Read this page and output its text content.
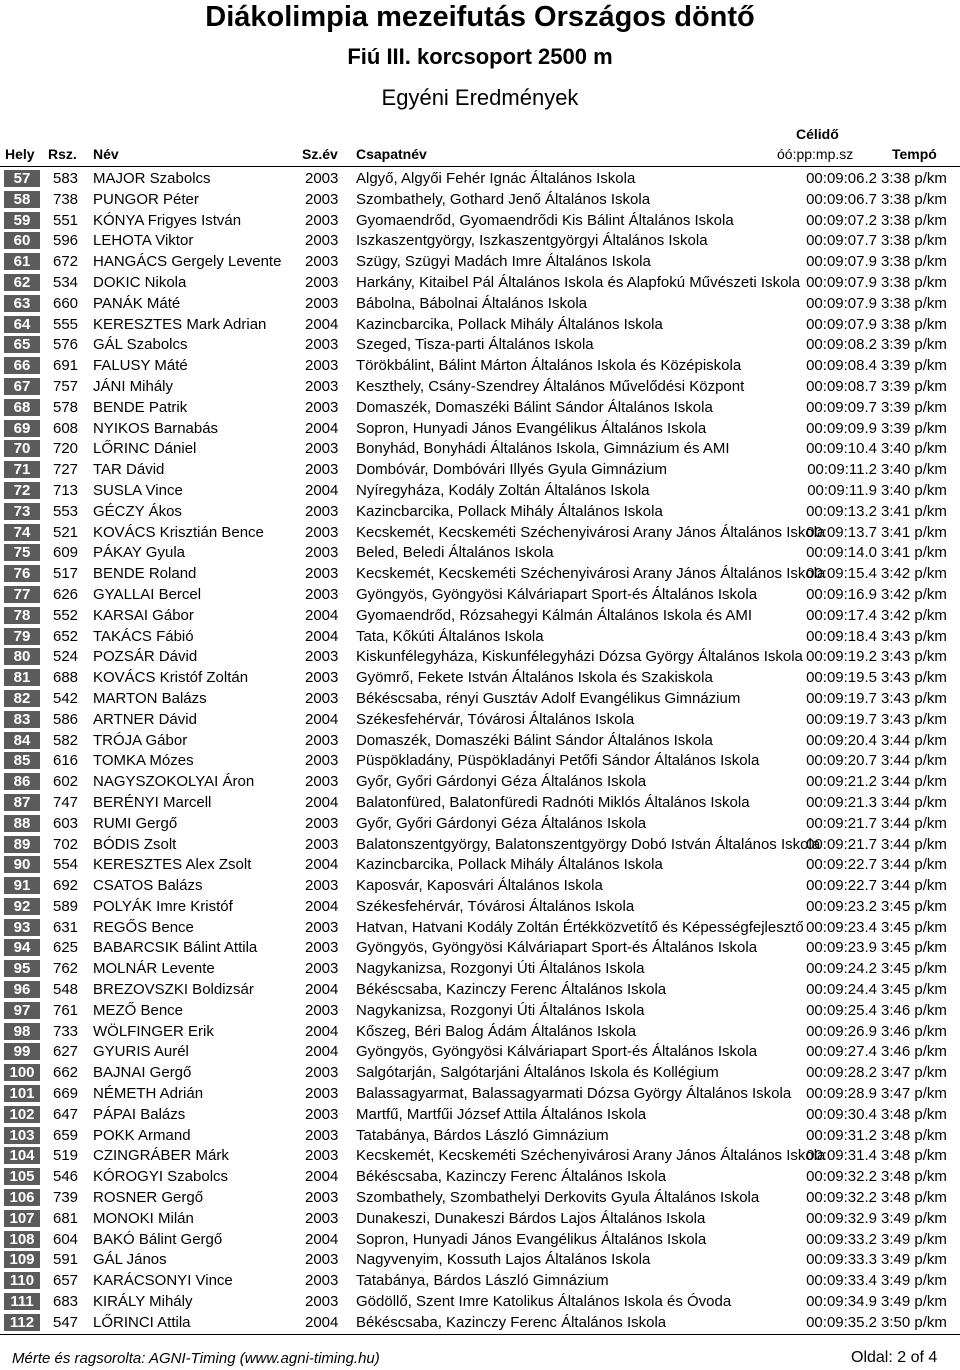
Diákolimpia mezeifutás Országos döntő
Fiú III. korcsoport 2500 m
Egyéni Eredmények
Hely Rsz. Név	Sz.év Csapatnév
Célidő
óó:pp:mp.sz	Tempó
57	583 MAJOR Szabolcs	2003	Algyő, Algyői Fehér Ignác Általános Iskola	00:09:06.2 3:38 p/km
58	738 PUNGOR Péter	2003	Szombathely, Gothard Jenő Általános Iskola	00:09:06.7 3:38 p/km
59	551 KÓNYA Frigyes István	2003	Gyomaendrőd, Gyomaendrődi Kis Bálint Általános Iskola	00:09:07.2 3:38 p/km
60	596 LEHOTA Viktor	2003	Iszkaszentgyörgy, Iszkaszentgyörgyi Általános Iskola	00:09:07.7 3:38 p/km
61	672 HANGÁCS Gergely Levente	2003	Szügy, Szügyi Madách Imre Általános Iskola	00:09:07.9 3:38 p/km
62	534 DOKIC Nikola	2003	Harkány, Kitaibel Pál Általános Iskola és Alapfokú Művészeti Iskola 00:09:07.9 3:38 p/km
63	660 PANÁK Máté	2003	Bábolna, Bábolnai Általános Iskola	00:09:07.9 3:38 p/km
64	555 KERESZTES Mark Adrian	2004	Kazincbarcika, Pollack Mihály Általános Iskola	00:09:07.9 3:38 p/km
65	576 GÁL Szabolcs	2003	Szeged, Tisza-parti Általános Iskola	00:09:08.2 3:39 p/km
66	691 FALUSY Máté	2003	Törökbálint, Bálint Márton Általános Iskola és Középiskola	00:09:08.4 3:39 p/km
67	757 JÁNI Mihály	2003	Keszthely, Csány-Szendrey Általános Művelődési Központ	00:09:08.7 3:39 p/km
68	578 BENDE Patrik	2003	Domaszék, Domaszéki Bálint Sándor Általános Iskola	00:09:09.7 3:39 p/km
69	608 NYIKOS Barnabás	2004	Sopron, Hunyadi János Evangélikus Általános Iskola	00:09:09.9 3:39 p/km
70	720 LŐRINC Dániel	2003	Bonyhád, Bonyhádi Általános Iskola, Gimnázium és AMI	00:09:10.4 3:40 p/km
71	727 TAR Dávid	2003	Dombóvár, Dombóvári Illyés Gyula Gimnázium	00:09:11.2 3:40 p/km
72	713 SUSLA Vince	2004	Nyíregyháza, Kodály Zoltán Általános Iskola	00:09:11.9 3:40 p/km
73	553 GÉCZY Ákos	2003	Kazincbarcika, Pollack Mihály Általános Iskola	00:09:13.2 3:41 p/km
74	521 KOVÁCS Krisztián Bence	2003	Kecskemét, Kecskeméti Széchenyivárosi Arany János Általános Iskola
00:09:13.7 3:41 p/km
75	609 PÁKAY Gyula	2003	Beled, Beledi Általános Iskola	00:09:14.0 3:41 p/km
76	517 BENDE Roland	2003	Kecskemét, Kecskeméti Széchenyivárosi Arany János Általános Iskola
00:09:15.4 3:42 p/km
77	626 GYALLAI Bercel	2003	Gyöngyös, Gyöngyösi Kálváriapart Sport-és Általános Iskola	00:09:16.9 3:42 p/km
78	552 KARSAI Gábor	2004	Gyomaendrőd, Rózsahegyi Kálmán Általános Iskola és AMI	00:09:17.4 3:42 p/km
79	652 TAKÁCS Fábió	2004	Tata, Kőkúti Általános Iskola	00:09:18.4 3:43 p/km
80	524 POZSÁR Dávid	2003	Kiskunfélegyháza, Kiskunfélegyházi Dózsa György Általános Iskola 00:09:19.2 3:43 p/km
81	688 KOVÁCS Kristóf Zoltán	2003	Gyömrő, Fekete István Általános Iskola és Szakiskola	00:09:19.5 3:43 p/km
82	542 MARTON Balázs	2003	Békéscsaba, rényi Gusztáv Adolf Evangélikus Gimnázium	00:09:19.7 3:43 p/km
83	586 ARTNER Dávid	2004	Székesfehérvár, Tóvárosi Általános Iskola	00:09:19.7 3:43 p/km
84	582 TRÓJA Gábor	2003	Domaszék, Domaszéki Bálint Sándor Általános Iskola	00:09:20.4 3:44 p/km
85	616 TOMKA Mózes	2003	Püspökladány, Püspökladányi Petőfi Sándor Általános Iskola	00:09:20.7 3:44 p/km
86	602 NAGYSZOKOLYAI Áron	2003	Győr, Győri Gárdonyi Géza Általános Iskola	00:09:21.2 3:44 p/km
87	747 BERÉNYI Marcell	2004	Balatonfüred, Balatonfüredi Radnóti Miklós Általános Iskola	00:09:21.3 3:44 p/km
88	603 RUMI Gergő	2003	Győr, Győri Gárdonyi Géza Általános Iskola	00:09:21.7 3:44 p/km
89	702 BÓDIS Zsolt	2003	Balatonszentgyörgy, Balatonszentgyörgy Dobó István Általános Iskola
00:09:21.7 3:44 p/km
90	554 KERESZTES Alex Zsolt	2004	Kazincbarcika, Pollack Mihály Általános Iskola	00:09:22.7 3:44 p/km
91	692 CSATOS Balázs	2003	Kaposvár, Kaposvári Általános Iskola	00:09:22.7 3:44 p/km
92	589 POLYÁK Imre Kristóf	2004	Székesfehérvár, Tóvárosi Általános Iskola	00:09:23.2 3:45 p/km
93	631 REGŐS Bence	2003	Hatvan, Hatvani Kodály Zoltán Értékközvetítő és Képességfejlesztő 00:09:23.4 3:45 p/km
94	625 BABARCSIK Bálint Attila	2003	Gyöngyös, Gyöngyösi Kálváriapart Sport-és Általános Iskola	00:09:23.9 3:45 p/km
95	762 MOLNÁR Levente	2003	Nagykanizsa, Rozgonyi Úti Általános Iskola	00:09:24.2 3:45 p/km
96	548 BREZOVSZKI Boldizsár	2004	Békéscsaba, Kazinczy Ferenc Általános Iskola	00:09:24.4 3:45 p/km
97	761 MEZŐ Bence	2003	Nagykanizsa, Rozgonyi Úti Általános Iskola	00:09:25.4 3:46 p/km
98	733 WÖLFINGER Erik	2004	Kőszeg, Béri Balog Ádám Általános Iskola	00:09:26.9 3:46 p/km
99	627 GYURIS Aurél	2004	Gyöngyös, Gyöngyösi Kálváriapart Sport-és Általános Iskola	00:09:27.4 3:46 p/km
100	662 BAJNAI Gergő	2003	Salgótarján, Salgótarjáni Általános Iskola és Kollégium	00:09:28.2 3:47 p/km
101	669 NÉMETH Adrián	2003	Balassagyarmat, Balassagyarmati Dózsa György Általános Iskola 00:09:28.9 3:47 p/km
102	647 PÁPAI Balázs	2003	Martfű, Martfűi József Attila Általános Iskola	00:09:30.4 3:48 p/km
103	659 POKK Armand	2003	Tatabánya, Bárdos László Gimnázium	00:09:31.2 3:48 p/km
104	519 CZINGRÁBER Márk	2003	Kecskemét, Kecskeméti Széchenyivárosi Arany János Általános Iskola
00:09:31.4 3:48 p/km
105	546 KÓROGYI Szabolcs	2004	Békéscsaba, Kazinczy Ferenc Általános Iskola	00:09:32.2 3:48 p/km
106	739 ROSNER Gergő	2003	Szombathely, Szombathelyi Derkovits Gyula Általános Iskola	00:09:32.2 3:48 p/km
107	681 MONOKI Milán	2003	Dunakeszi, Dunakeszi Bárdos Lajos Általános Iskola	00:09:32.9 3:49 p/km
108	604 BAKÓ Bálint Gergő	2004	Sopron, Hunyadi János Evangélikus Általános Iskola	00:09:33.2 3:49 p/km
109	591 GÁL János	2003	Nagyvenyim, Kossuth Lajos Általános Iskola	00:09:33.3 3:49 p/km
110	657 KARÁCSONYI Vince	2003	Tatabánya, Bárdos László Gimnázium	00:09:33.4 3:49 p/km
111	683 KIRÁLY Mihály	2003	Gödöllő, Szent Imre Katolikus Általános Iskola és Óvoda	00:09:34.9 3:49 p/km
112	547 LŐRINCI Attila	2004	Békéscsaba, Kazinczy Ferenc Általános Iskola	00:09:35.2 3:50 p/km
Mérte és ragsorolta: AGNI-Timing (www.agni-timing.hu)	Oldal: 2 of 4
